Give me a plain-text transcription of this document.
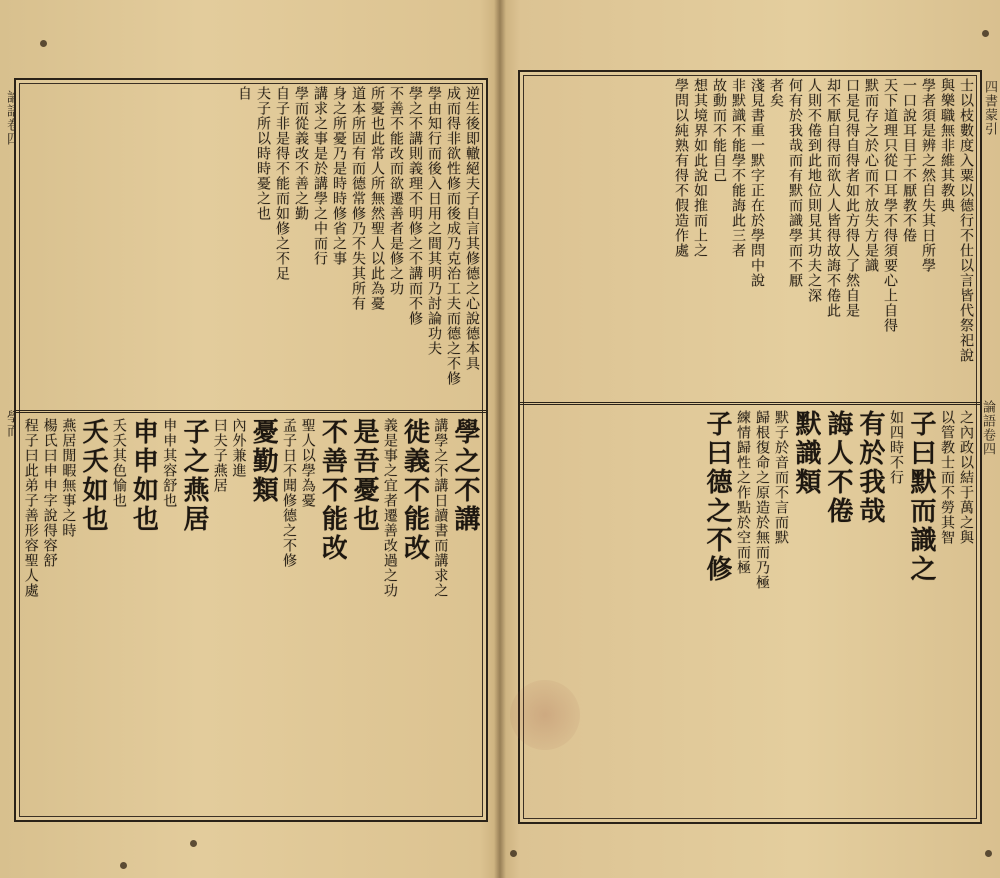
四書蒙引
論語卷四
士以枝數度入粟以德行不仕以言皆代祭祀說
與樂職無非維其教典
學者須是辨之然自失其日所學
一口說耳目于不厭教不倦
天下道理只從口耳學不得須要心上自得
默而存之於心而不放失方是識
口是見得自得者如此方得人了然自是
却不厭自得而欲人人皆得故誨不倦此
人則不倦到此地位則見其功夫之深
何有於我哉而有默而識學而不厭
者矣
淺見書重一默字正在於學問中說
非默識不能學不能誨此三者
故動而不能自己
想其境界如此說如推而上之
學問以純熟有得不假造作處
之內政以結于萬之與
以管教士而不勞其智
子曰默而識之
如四時不行
有於我哉
誨人不倦
默識類
默子於音而不言而默
歸根復命之原造於無而乃極
練情歸性之作點於空而極
子曰德之不修
論語卷四
學而
逆生後即轍絕夫子自言其修德之心說德本具
成而得非欲性修而後成乃克治工夫而德之不修
學由知行而後入日用之間其明乃討論功夫
學之不講則義理不明修之不講而不修
不善不能改而欲遷善者是修之功
所憂也此常人所無然聖人以此為憂
道本所固有而德常修乃不失其所有
身之所憂乃是時時修省之事
講求之事是於講學之中而行
學而從義改不善之勤
自子非是得不能而如修之不足
夫子所以時時憂之也
自
學之不講
講學之不講日讀書而講求之
徙義不能改
義是事之宜者遷善改過之功
是吾憂也
不善不能改
聖人以學為憂
孟子日不聞修德之不修
憂勤類
內外兼進
曰夫子燕居
子之燕居
申申其容舒也
申申如也
夭夭其色愉也
夭夭如也
燕居閒暇無事之時
楊氏曰申申字說得容舒
程子曰此弟子善形容聖人處
